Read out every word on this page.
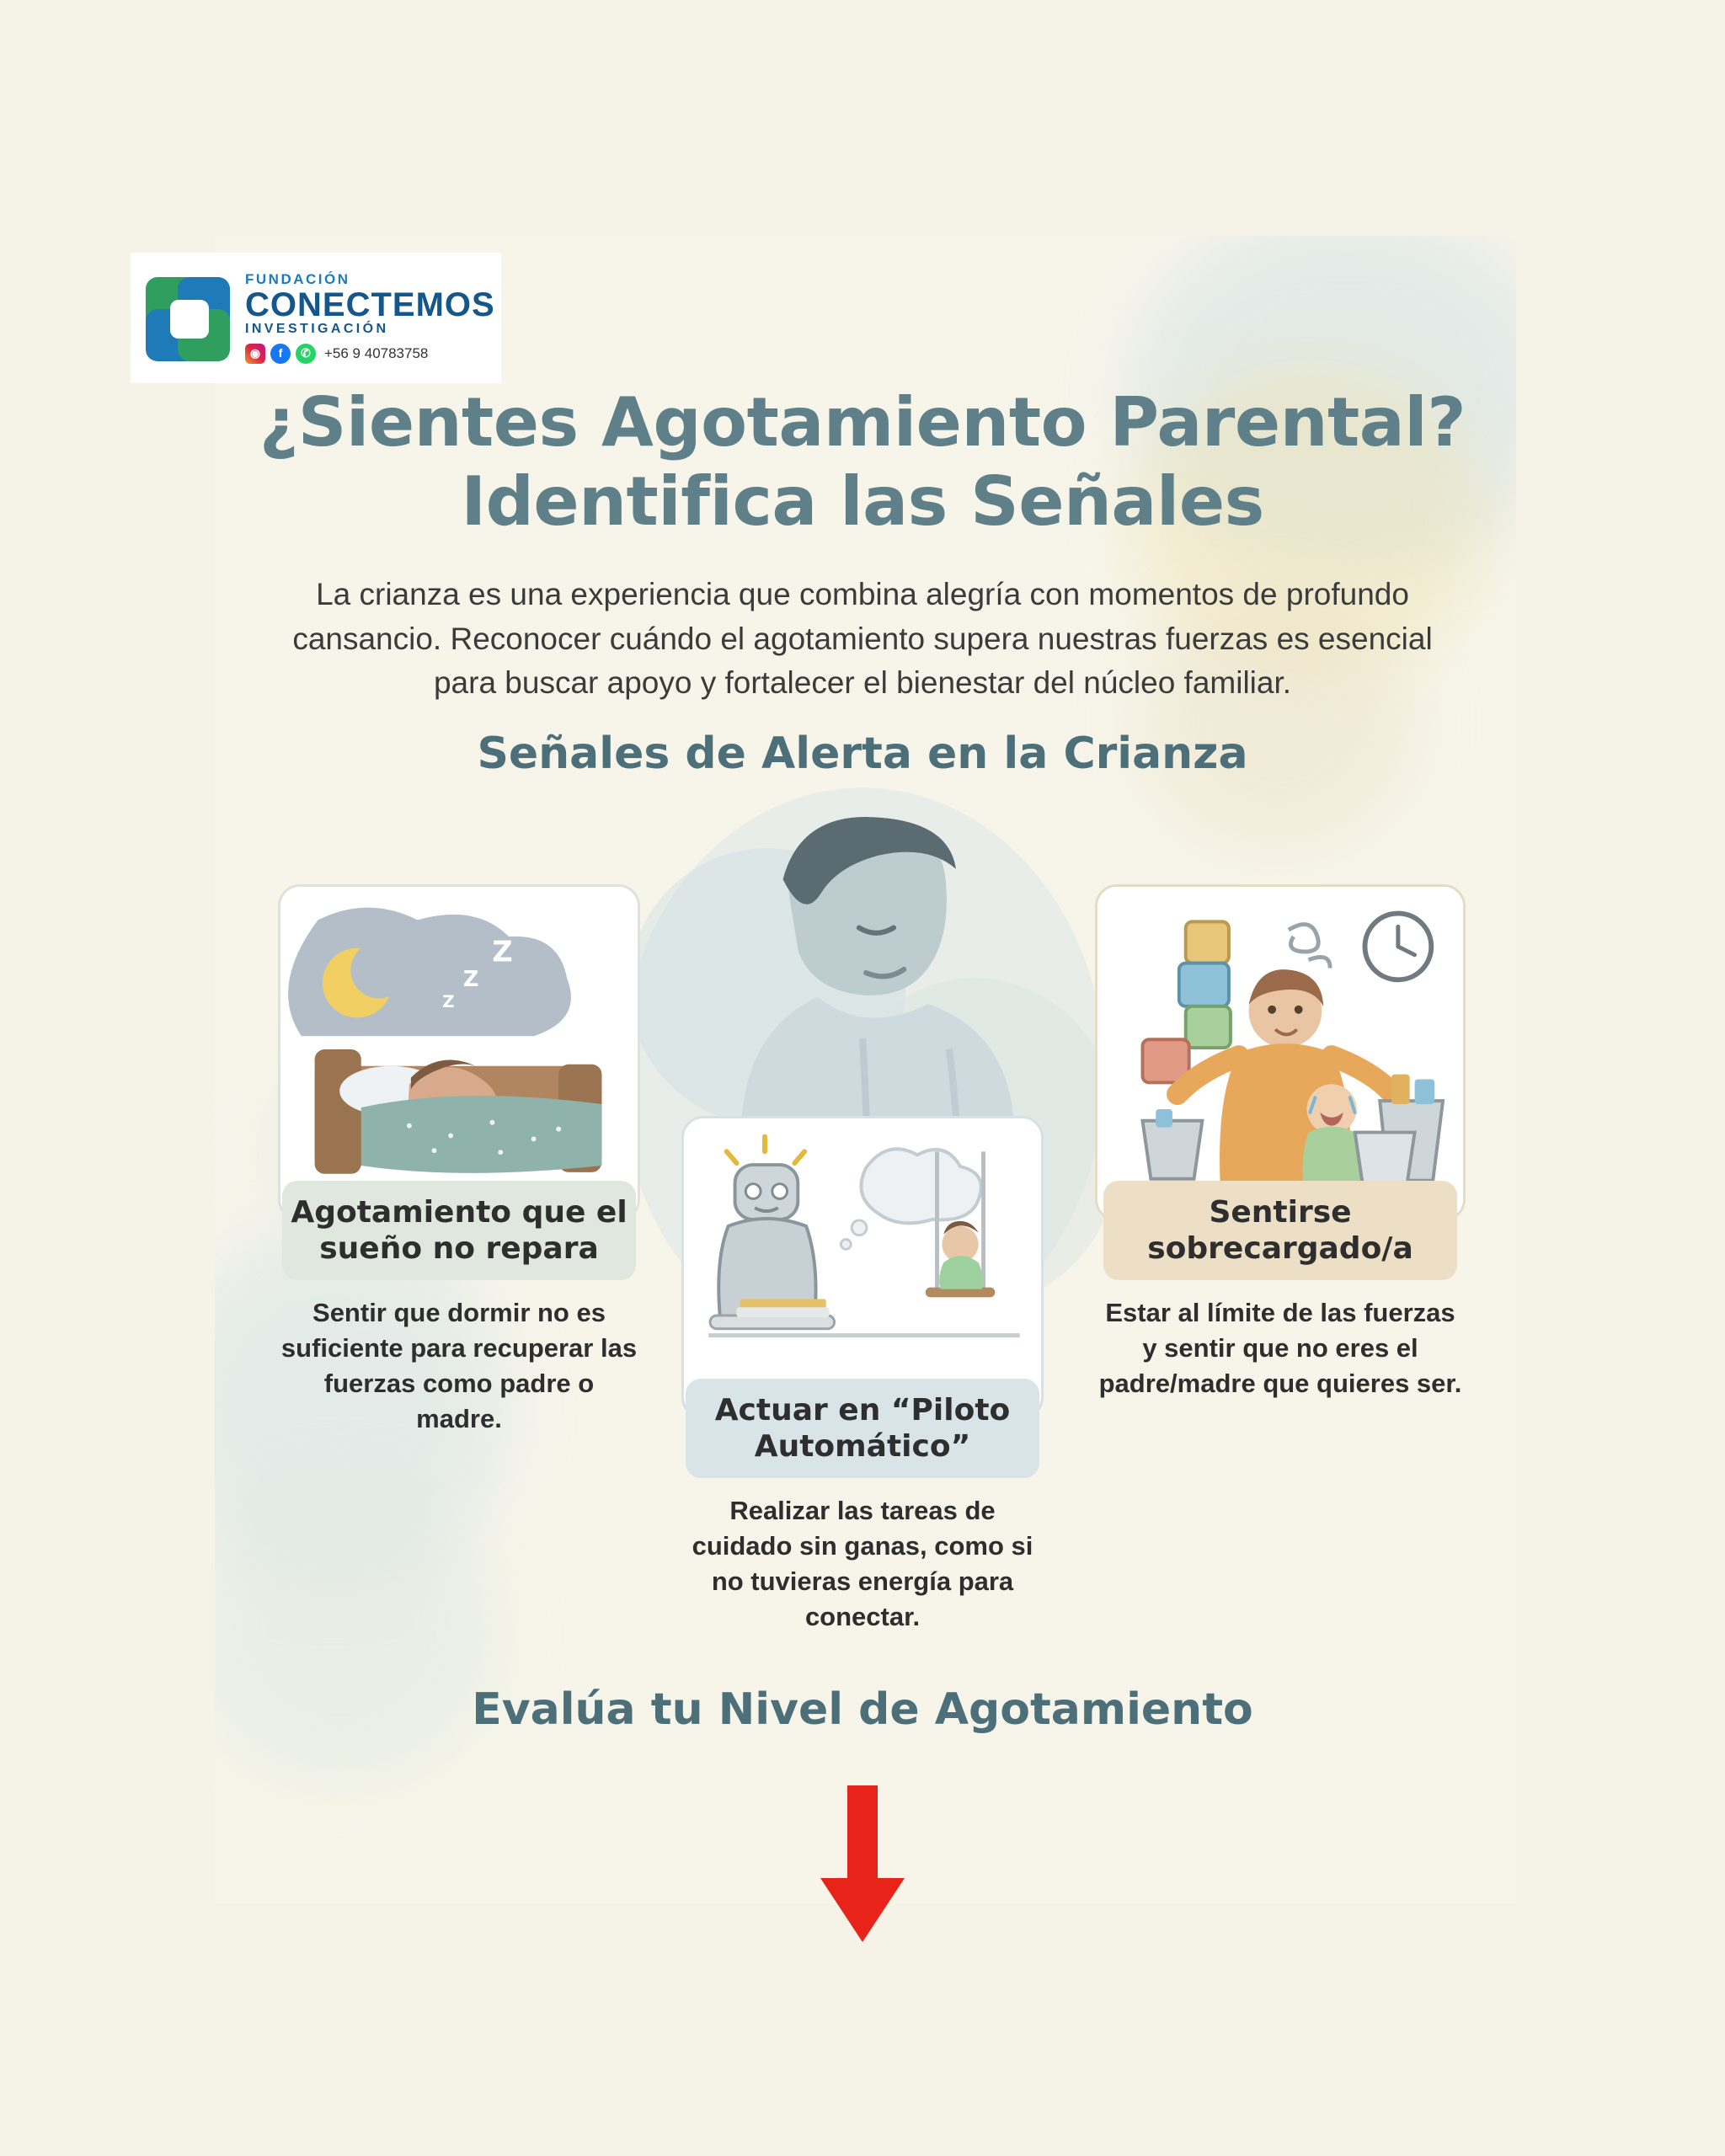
FUNDACIÓN
CONECTEMOS
INVESTIGACIÓN
◉	f	✆ +56 9 40783758
¿Sientes Agotamiento Parental?
Identifica las Señales
La crianza es una experiencia que combina alegría con momentos de profundo cansancio. Reconocer cuándo el agotamiento supera nuestras fuerzas es esencial para buscar apoyo y fortalecer el bienestar del núcleo familiar.
Señales de Alerta en la Crianza
Z
Z
Z
Agotamiento que el sueño no repara
Sentir que dormir no es suficiente para recuperar las fuerzas como padre o madre.	Actuar en “Piloto Automático”
Realizar las tareas de cuidado sin ganas, como si no tuvieras energía para conectar.
Sentirse sobrecargado/a
Estar al límite de las fuerzas y sentir que no eres el padre/madre que quieres ser.
Evalúa tu Nivel de Agotamiento
